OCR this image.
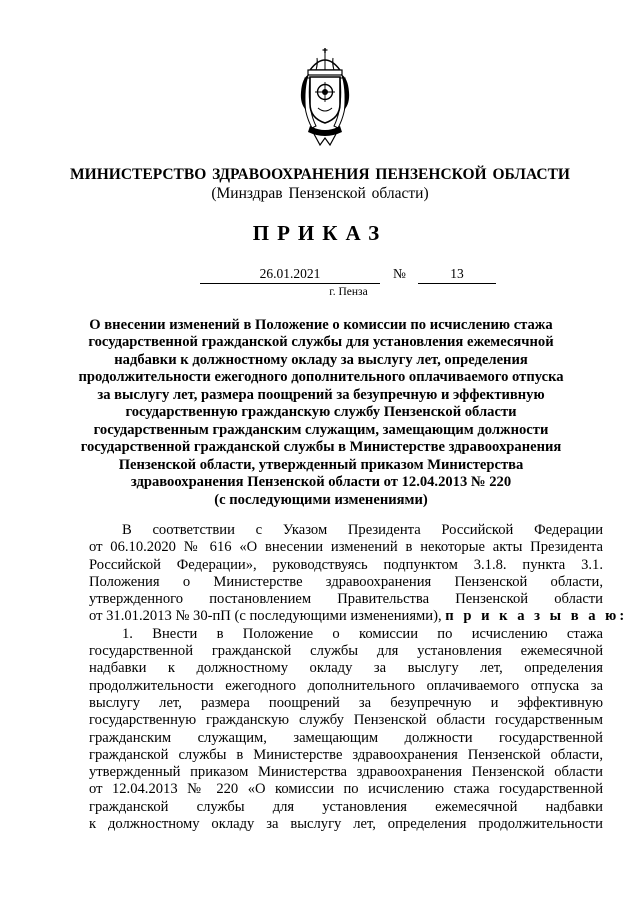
МИНИСТЕРСТВО ЗДРАВООХРАНЕНИЯ ПЕНЗЕНСКОЙ ОБЛАСТИ
(Минздрав Пензенской области)
ПРИКАЗ
26.01.2021	№	13
г. Пенза
О внесении изменений в Положение о комиссии по исчислению стажа
государственной гражданской службы для установления ежемесячной
надбавки к должностному окладу за выслугу лет, определения
продолжительности ежегодного дополнительного оплачиваемого отпуска
за выслугу лет, размера поощрений за безупречную и эффективную
государственную гражданскую службу Пензенской области
государственным гражданским служащим, замещающим должности
государственной гражданской службы в Министерстве здравоохранения
Пензенской области, утвержденный приказом Министерства
здравоохранения Пензенской области от 12.04.2013 № 220
(с последующими изменениями)
В соответствии с Указом Президента Российской Федерации
от 06.10.2020 № 616 «О внесении изменений в некоторые акты Президента
Российской Федерации», руководствуясь подпунктом 3.1.8. пункта 3.1.
Положения о Министерстве здравоохранения Пензенской области,
утвержденного постановлением Правительства Пензенской области
от 31.01.2013 № 30-пП (с последующими изменениями), п р и к а з ы в а ю:
1. Внести в Положение о комиссии по исчислению стажа
государственной гражданской службы для установления ежемесячной
надбавки к должностному окладу за выслугу лет, определения
продолжительности ежегодного дополнительного оплачиваемого отпуска за
выслугу лет, размера поощрений за безупречную и эффективную
государственную гражданскую службу Пензенской области государственным
гражданским служащим, замещающим должности государственной
гражданской службы в Министерстве здравоохранения Пензенской области,
утвержденный приказом Министерства здравоохранения Пензенской области
от 12.04.2013 № 220 «О комиссии по исчислению стажа государственной
гражданской службы для установления ежемесячной надбавки
к должностному окладу за выслугу лет, определения продолжительности
